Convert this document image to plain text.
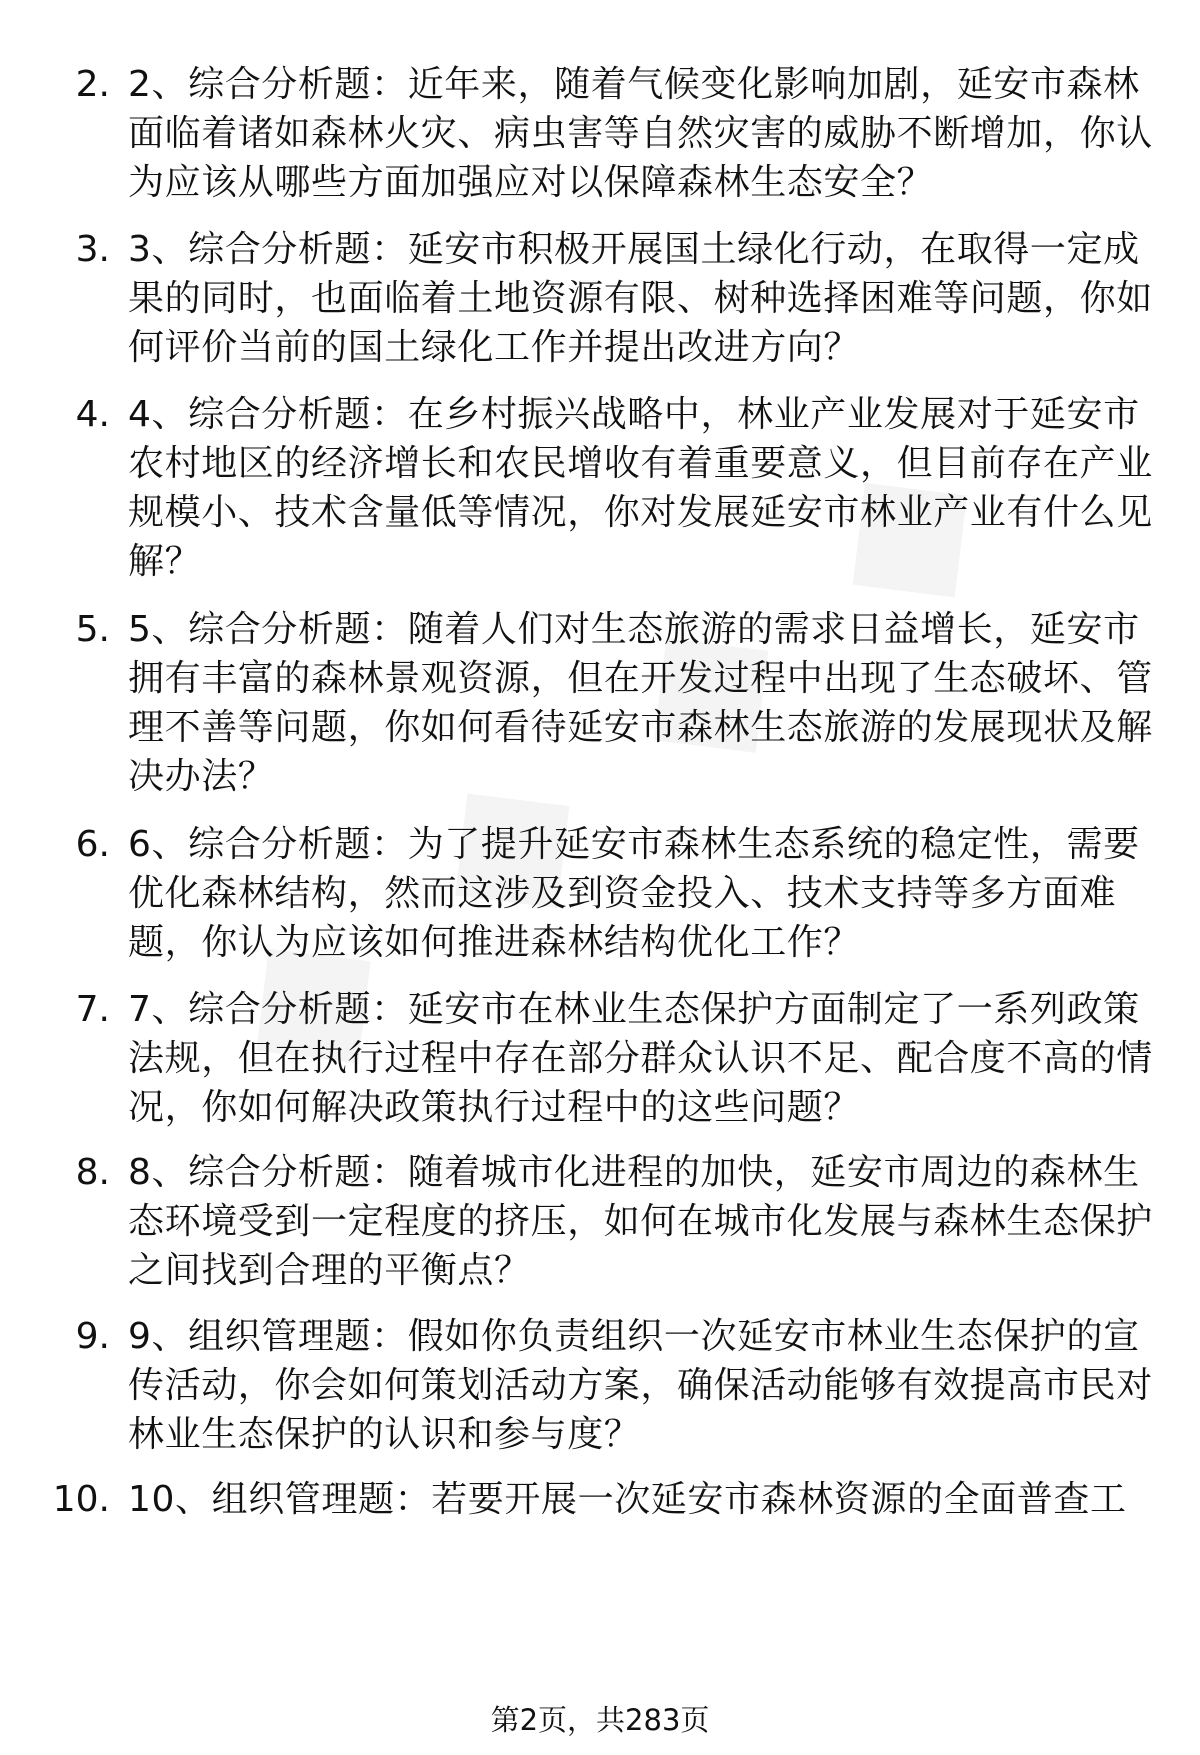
2. 2、综合分析题：近年来，随着气候变化影响加剧，延安市森林面临着诸如森林火灾、病虫害等自然灾害的威胁不断增加，你认为应该从哪些方面加强应对以保障森林生态安全？
3. 3、综合分析题：延安市积极开展国土绿化行动，在取得一定成果的同时，也面临着土地资源有限、树种选择困难等问题，你如何评价当前的国土绿化工作并提出改进方向？
4. 4、综合分析题：在乡村振兴战略中，林业产业发展对于延安市农村地区的经济增长和农民增收有着重要意义，但目前存在产业规模小、技术含量低等情况，你对发展延安市林业产业有什么见解？
5. 5、综合分析题：随着人们对生态旅游的需求日益增长，延安市拥有丰富的森林景观资源，但在开发过程中出现了生态破坏、管理不善等问题，你如何看待延安市森林生态旅游的发展现状及解决办法？
6. 6、综合分析题：为了提升延安市森林生态系统的稳定性，需要优化森林结构，然而这涉及到资金投入、技术支持等多方面难题，你认为应该如何推进森林结构优化工作？
7. 7、综合分析题：延安市在林业生态保护方面制定了一系列政策法规，但在执行过程中存在部分群众认识不足、配合度不高的情况，你如何解决政策执行过程中的这些问题？
8. 8、综合分析题：随着城市化进程的加快，延安市周边的森林生态环境受到一定程度的挤压，如何在城市化发展与森林生态保护之间找到合理的平衡点？
9. 9、组织管理题：假如你负责组织一次延安市林业生态保护的宣传活动，你会如何策划活动方案，确保活动能够有效提高市民对林业生态保护的认识和参与度？
10. 10、组织管理题：若要开展一次延安市森林资源的全面普查工
第2页，共283页
